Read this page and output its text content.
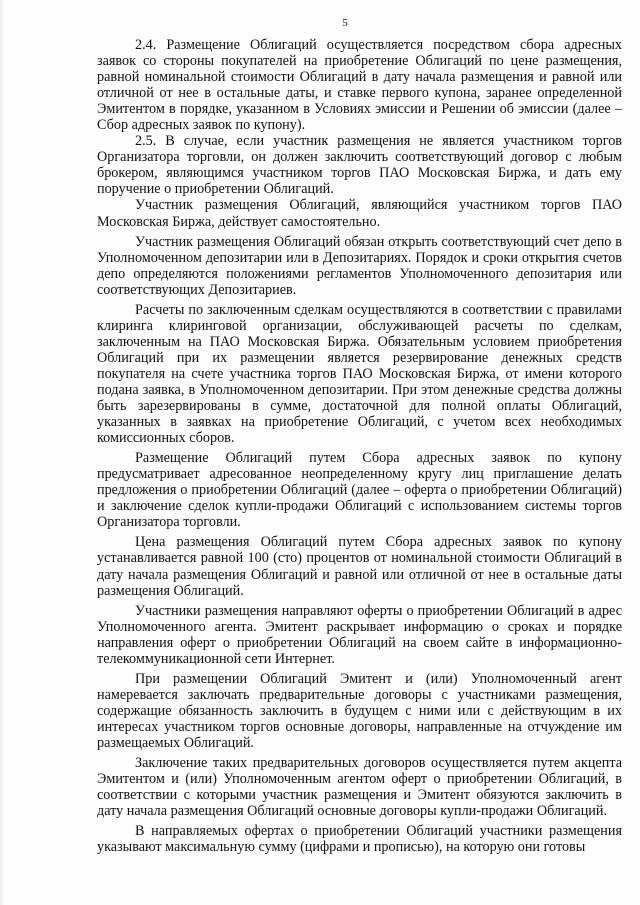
5

2.4. Размещение Облигаций осуществляется посредством сбора адресных заявок со стороны покупателей на приобретение Облигаций по цене размещения, равной номинальной стоимости Облигаций в дату начала размещения и равной или отличной от нее в остальные даты, и ставке первого купона, заранее определенной Эмитентом в порядке, указанном в Условиях эмиссии и Решении об эмиссии (далее – Сбор адресных заявок по купону).

2.5. В случае, если участник размещения не является участником торгов Организатора торговли, он должен заключить соответствующий договор с любым брокером, являющимся участником торгов ПАО Московская Биржа, и дать ему поручение о приобретении Облигаций.

Участник размещения Облигаций, являющийся участником торгов ПАО Московская Биржа, действует самостоятельно.

Участник размещения Облигаций обязан открыть соответствующий счет депо в Уполномоченном депозитарии или в Депозитариях. Порядок и сроки открытия счетов депо определяются положениями регламентов Уполномоченного депозитария или соответствующих Депозитариев.

Расчеты по заключенным сделкам осуществляются в соответствии с правилами клиринга клиринговой организации, обслуживающей расчеты по сделкам, заключенным на ПАО Московская Биржа. Обязательным условием приобретения Облигаций при их размещении является резервирование денежных средств покупателя на счете участника торгов ПАО Московская Биржа, от имени которого подана заявка, в Уполномоченном депозитарии. При этом денежные средства должны быть зарезервированы в сумме, достаточной для полной оплаты Облигаций, указанных в заявках на приобретение Облигаций, с учетом всех необходимых комиссионных сборов.

Размещение Облигаций путем Сбора адресных заявок по купону предусматривает адресованное неопределенному кругу лиц приглашение делать предложения о приобретении Облигаций (далее – оферта о приобретении Облигаций) и заключение сделок купли-продажи Облигаций с использованием системы торгов Организатора торговли.

Цена размещения Облигаций путем Сбора адресных заявок по купону устанавливается равной 100 (сто) процентов от номинальной стоимости Облигаций в дату начала размещения Облигаций и равной или отличной от нее в остальные даты размещения Облигаций.

Участники размещения направляют оферты о приобретении Облигаций в адрес Уполномоченного агента. Эмитент раскрывает информацию о сроках и порядке направления оферт о приобретении Облигаций на своем сайте в информационно-телекоммуникационной сети Интернет.

При размещении Облигаций Эмитент и (или) Уполномоченный агент намеревается заключать предварительные договоры с участниками размещения, содержащие обязанность заключить в будущем с ними или с действующим в их интересах участником торгов основные договоры, направленные на отчуждение им размещаемых Облигаций.

Заключение таких предварительных договоров осуществляется путем акцепта Эмитентом и (или) Уполномоченным агентом оферт о приобретении Облигаций, в соответствии с которыми участник размещения и Эмитент обязуются заключить в дату начала размещения Облигаций основные договоры купли-продажи Облигаций.

В направляемых офертах о приобретении Облигаций участники размещения указывают максимальную сумму (цифрами и прописью), на которую они готовы
